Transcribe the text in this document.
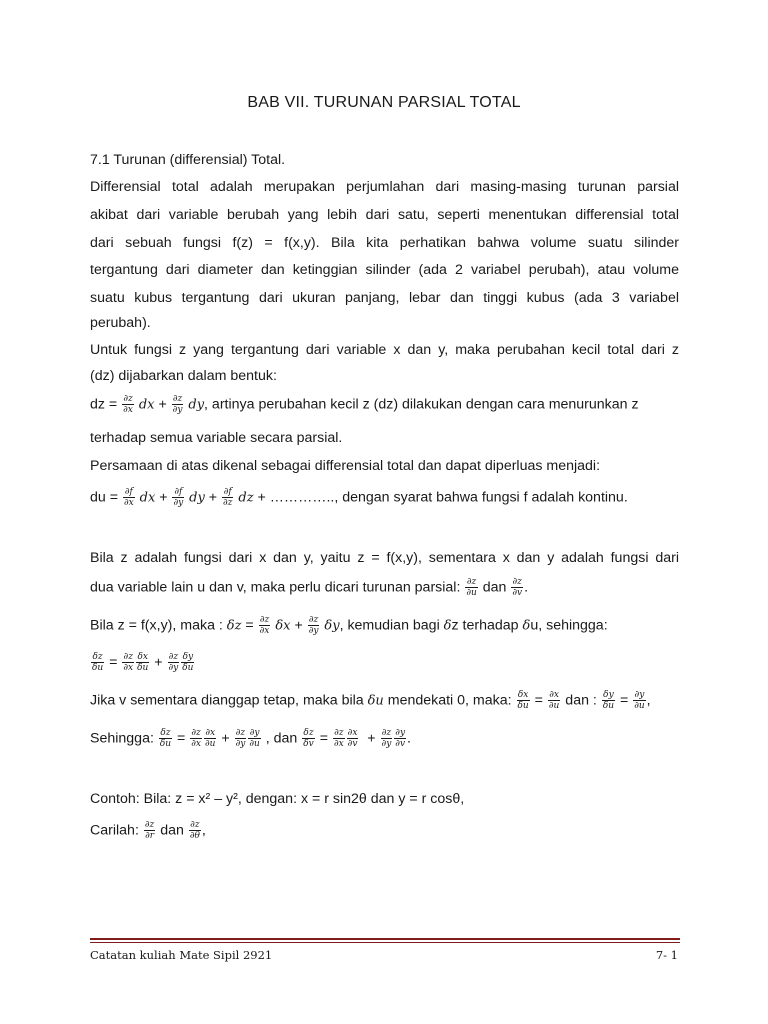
BAB VII. TURUNAN PARSIAL TOTAL
7.1 Turunan (differensial) Total.
Differensial total adalah merupakan perjumlahan dari masing-masing turunan parsial
akibat dari variable berubah yang lebih dari satu, seperti menentukan differensial total
dari sebuah fungsi f(z) = f(x,y). Bila kita perhatikan bahwa volume suatu silinder
tergantung dari diameter dan ketinggian silinder (ada 2 variabel perubah), atau volume
suatu kubus tergantung dari ukuran panjang, lebar dan tinggi kubus (ada 3 variabel
perubah).
Untuk fungsi z yang tergantung dari variable x dan y, maka perubahan kecil total dari z
(dz) dijabarkan dalam bentuk:
dz = $\frac{\partial z}{\partial x}$ dx + $\frac{\partial z}{\partial y}$ dy, artinya perubahan kecil z (dz) dilakukan dengan cara menurunkan z
terhadap semua variable secara parsial.
Persamaan di atas dikenal sebagai differensial total dan dapat diperluas menjadi:
du = $\frac{\partial f}{\partial x}$ dx + $\frac{\partial f}{\partial y}$ dy + $\frac{\partial f}{\partial z}$ dz + ………….., dengan syarat bahwa fungsi f adalah kontinu.
Bila z adalah fungsi dari x dan y, yaitu z = f(x,y), sementara x dan y adalah fungsi dari
dua variable lain u dan v, maka perlu dicari turunan parsial: $\frac{\partial z}{\partial u}$ dan $\frac{\partial z}{\partial v}$ .
Bila z = f(x,y), maka : $\delta z = \frac{\partial z}{\partial x}$ $\delta x + \frac{\partial z}{\partial y} \delta y$, kemudian bagi δz terhadap δu, sehingga:
$\frac{\delta z}{\delta u} = \frac{\partial z}{\partial x} \frac{\delta x}{\delta u} + \frac{\partial z}{\partial y} \frac{\delta y}{\delta u}$
Jika v sementara dianggap tetap, maka bila δu mendekati 0, maka: $\frac{\delta x}{\delta u} = \frac{\partial x}{\partial u}$ dan : $\frac{\delta y}{\delta u} = \frac{\partial y}{\partial u}$ ,
Sehingga: $\frac{\delta z}{\delta u} = \frac{\partial z}{\partial x} \frac{\partial x}{\partial u} + \frac{\partial z}{\partial y} \frac{\partial y}{\partial u}$ , dan $\frac{\delta z}{\delta v} = \frac{\partial z}{\partial x} \frac{\partial x}{\partial v} + \frac{\partial z}{\partial y} \frac{\partial y}{\partial v}$ .
Contoh: Bila: z = x² – y², dengan: x = r sin2θ dan y = r cosθ,
Carilah: $\frac{\partial z}{\partial r}$ dan $\frac{\partial z}{\partial\theta}$ ,
Catatan kuliah Mate Sipil 2921	7- 1
